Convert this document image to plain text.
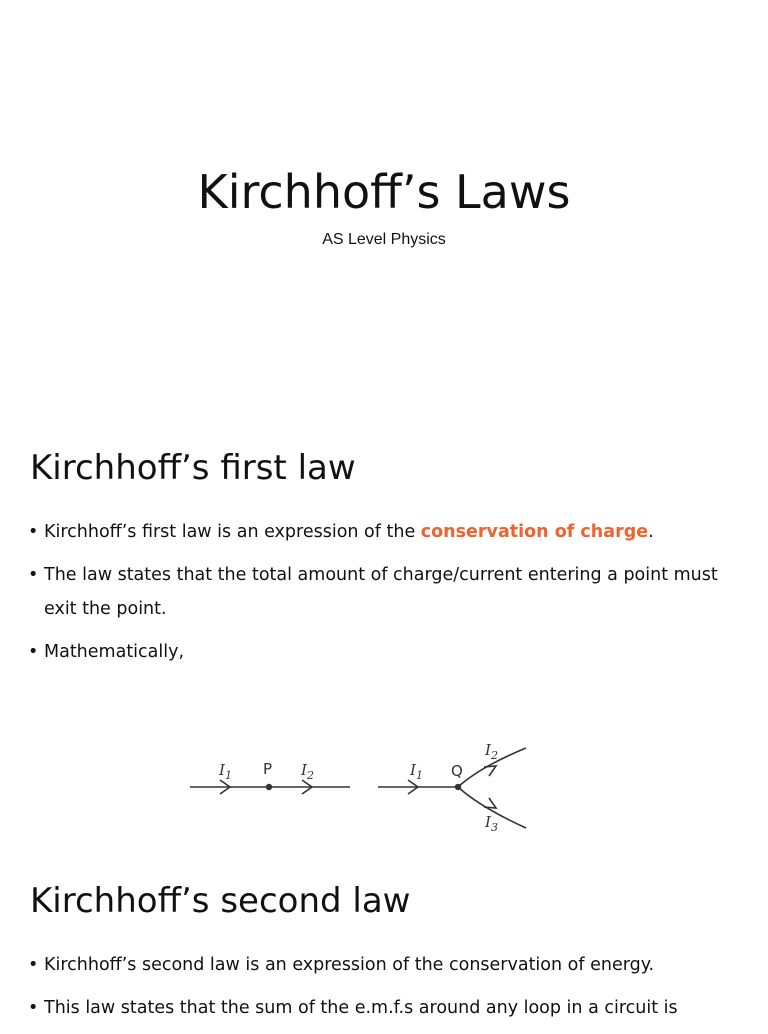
Kirchhoff’s Laws
AS Level Physics
Kirchhoff’s first law
• Kirchhoff’s first law is an expression of the conservation of charge.
• The law states that the total amount of charge/current entering a point must exit the point.
• Mathematically,
$I_1$ P $I_2$	$I_1$ Q
$I_2$
$I_3$
Kirchhoff’s second law
• Kirchhoff’s second law is an expression of the conservation of energy.
• This law states that the sum of the e.m.f.s around any loop in a circuit is
